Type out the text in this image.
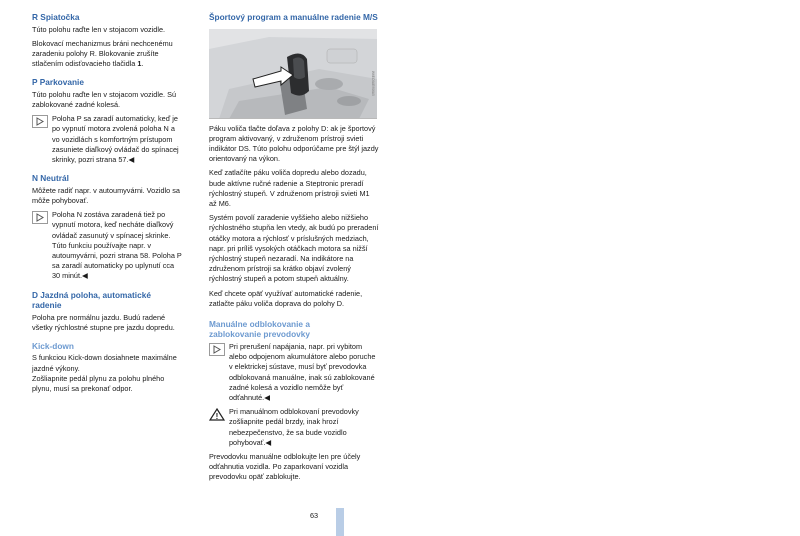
R Spiatočka

Túto polohu raďte len v stojacom vozidle.

Blokovací mechanizmus bráni nechcenému zaradeniu polohy R. Blokovanie zrušíte stlačením odisťovacieho tlačidla 1.

P Parkovanie

Túto polohu raďte len v stojacom vozidle. Sú zablokované zadné kolesá.

Poloha P sa zaradí automaticky, keď je po vypnutí motora zvolená poloha N a vo vozidlách s komfortným prístupom zasuniete diaľkový ovládač do spínacej skrinky, pozri strana 57.◀
N Neutrál

Môžete radiť napr. v autoumyvárni. Vozidlo sa môže pohybovať.

Poloha N zostáva zaradená tiež po vypnutí motora, keď necháte diaľkový ovládač zasunutý v spínacej skrinke. Túto funkciu používajte napr. v autoumyvárni, pozri strana 58. Poloha P sa zaradí automaticky po uplynutí cca 30 minút.◀
D Jazdná poloha, automatické radenie

Poloha pre normálnu jazdu. Budú radené všetky rýchlostné stupne pre jazdu dopredu.

Kick-down

S funkciou Kick-down dosiahnete maximálne jazdné výkony.

Zošliapnite pedál plynu za polohu plného plynu, musí sa prekonať odpor.

Športový program a manuálne radenie M/S
W6EC6AE9S6A0

Páku voliča tlačte doľava z polohy D: ak je športový program aktivovaný, v združenom prístroji svieti indikátor DS. Túto polohu odporúčame pre štýl jazdy orientovaný na výkon.

Keď zatlačíte páku voliča dopredu alebo dozadu, bude aktívne ručné radenie a Steptronic preradí rýchlostný stupeň. V združenom prístroji svieti M1 až M6.

Systém povolí zaradenie vyššieho alebo nižšieho rýchlostného stupňa len vtedy, ak budú po preradení otáčky motora a rýchlosť v príslušných medziach, napr. pri príliš vysokých otáčkach motora sa nižší rýchlostný stupeň nezaradí. Na indikátore na združenom prístroji sa krátko objaví zvolený rýchlostný stupeň a potom stupeň aktuálny.

Keď chcete opäť využívať automatické radenie, zatlačte páku voliča doprava do polohy D.

Manuálne odblokovanie a zablokovanie prevodovky
Pri prerušení napájania, napr. pri vybitom alebo odpojenom akumulátore alebo poruche v elektrickej sústave, musí byť prevodovka odblokovaná manuálne, inak sú zablokované zadné kolesá a vozidlo nemôže byť odťahnuté.◀
!
Pri manuálnom odblokovaní prevodovky zošliapnite pedál brzdy, inak hrozí nebezpečenstvo, že sa bude vozidlo pohybovať.◀

Prevodovku manuálne odblokujte len pre účely odťahnutia vozidla. Po zaparkovaní vozidla prevodovku opäť zablokujte.

63
